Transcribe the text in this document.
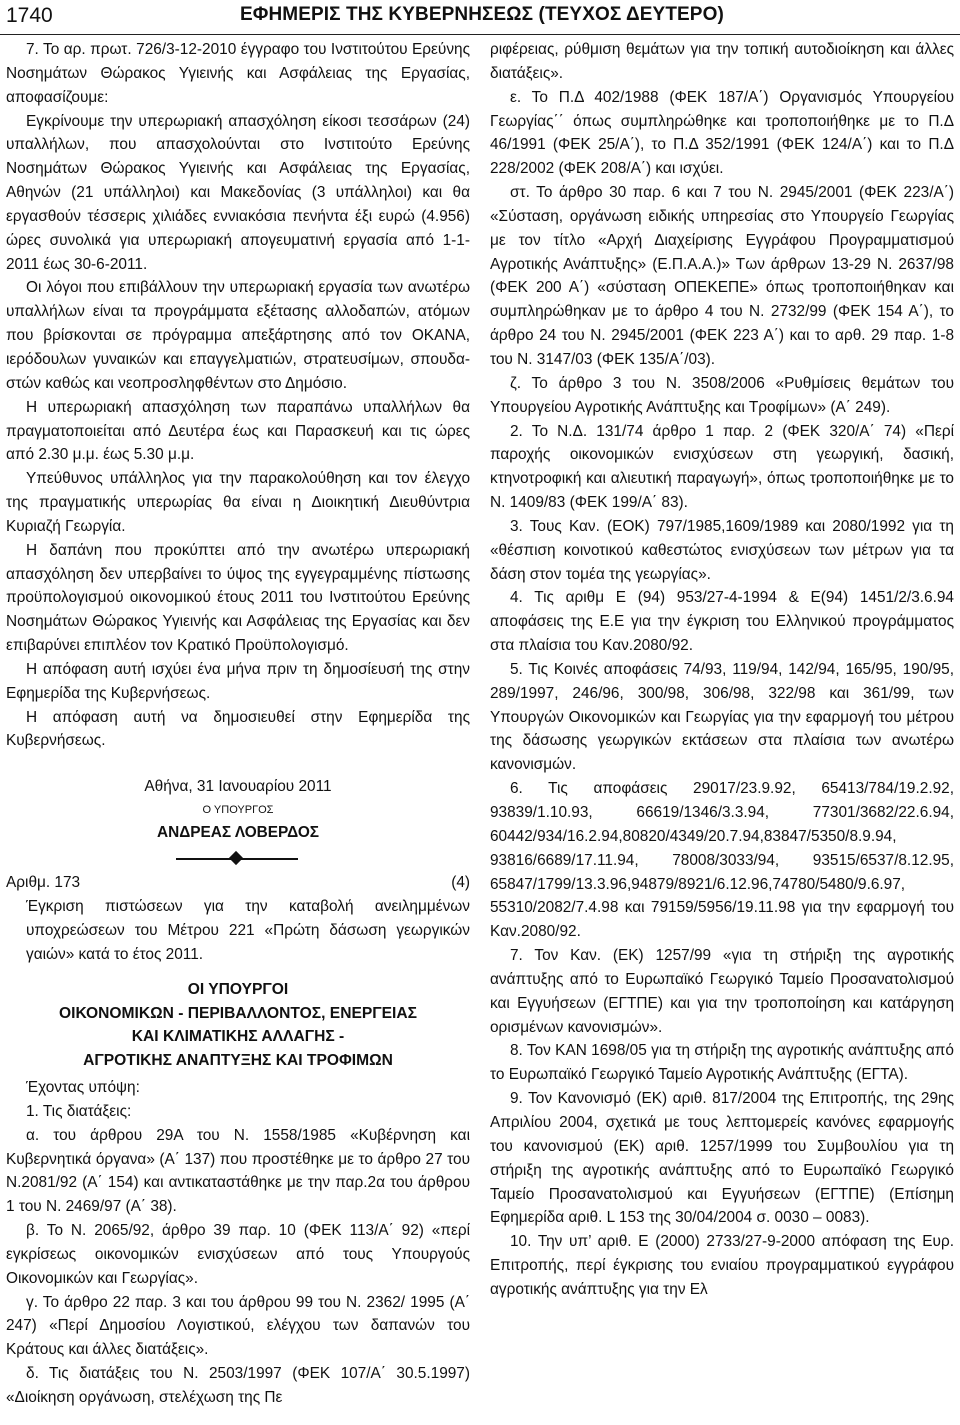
1740	ΕΦΗΜΕΡΙΣ ΤΗΣ ΚΥΒΕΡΝΗΣΕΩΣ (ΤΕΥΧΟΣ ΔΕΥΤΕΡΟ)

7. Το αρ. πρωτ. 726/3-12-2010 έγγραφο του Ινστιτούτου Ερεύνης Νοσημάτων Θώρακος Υγιεινής και Ασφάλειας της Εργασίας, αποφασίζουμε:

Εγκρίνουμε την υπερωριακή απασχόληση είκοσι τεσσάρων (24) υπαλλήλων, που απασχολούνται στο Ινστιτούτο Ερεύνης Νοσημάτων Θώρακος Υγιεινής και Ασφάλειας της Εργασίας, Αθηνών (21 υπάλληλοι) και Μακεδονίας (3 υπάλληλοι) και θα εργασθούν τέσσερις χιλιάδες εννιακόσια πενήντα έξι ευρώ (4.956) ώρες συνολικά για υπερωριακή απογευματινή εργασία από 1-1-2011 έως 30-6-2011.

Οι λόγοι που επιβάλλουν την υπερωριακή εργασία των ανωτέρω υπαλλήλων είναι τα προγράμματα εξέτασης αλλοδαπών, ατόμων που βρίσκονται σε πρόγραμμα απεξάρτησης από τον ΟΚΑΝΑ, ιερόδουλων γυναικών και επαγγελματιών, στρατευσίμων, σπουδαστών καθώς και νεοπροσληφθέντων στο Δημόσιο.

Η υπερωριακή απασχόληση των παραπάνω υπαλλήλων θα πραγματοποιείται από Δευτέρα έως και Παρασκευή και τις ώρες από 2.30 μ.μ. έως 5.30 μ.μ.

Υπεύθυνος υπάλληλος για την παρακολούθηση και τον έλεγχο της πραγματικής υπερωρίας θα είναι η Διοικητική Διευθύντρια Κυριαζή Γεωργία.

Η δαπάνη που προκύπτει από την ανωτέρω υπερωριακή απασχόληση δεν υπερβαίνει το ύψος της εγγεγραμμένης πίστωσης προϋπολογισμού οικονομικού έτους 2011 του Ινστιτούτου Ερεύνης Νοσημάτων Θώρακος Υγιεινής και Ασφάλειας της Εργασίας και δεν επιβαρύνει επιπλέον τον Κρατικό Προϋπολογισμό.

Η απόφαση αυτή ισχύει ένα μήνα πριν τη δημοσίευσή της στην Εφημερίδα της Κυβερνήσεως.

Η απόφαση αυτή να δημοσιευθεί στην Εφημερίδα της Κυβερνήσεως.

Αθήνα, 31 Ιανουαρίου 2011
Ο ΥΠΟΥΡΓΟΣ
ΑΝΔΡΕΑΣ ΛΟΒΕΡΔΟΣ
Αριθμ. 173	(4)

Έγκριση πιστώσεων για την καταβολή ανειλημμένων υποχρεώσεων του Μέτρου 221 «Πρώτη δάσωση γεωργικών γαιών» κατά το έτος 2011.

ΟΙ ΥΠΟΥΡΓΟΙ
ΟΙΚΟΝΟΜΙΚΩΝ - ΠΕΡΙΒΑΛΛΟΝΤΟΣ, ΕΝΕΡΓΕΙΑΣ
ΚΑΙ ΚΛΙΜΑΤΙΚΗΣ ΑΛΛΑΓΗΣ -
ΑΓΡΟΤΙΚΗΣ ΑΝΑΠΤΥΞΗΣ ΚΑΙ ΤΡΟΦΙΜΩΝ

Έχοντας υπόψη:

1. Τις διατάξεις:

α. του άρθρου 29Α του Ν. 1558/1985 «Κυβέρνηση και Κυβερνητικά όργανα» (Α΄ 137) που προστέθηκε με το άρθρο 27 του Ν.2081/92 (Α΄ 154) και αντικαταστάθηκε με την παρ.2α του άρθρου 1 του Ν. 2469/97 (Α΄ 38).

β. Το Ν. 2065/92, άρθρο 39 παρ. 10 (ΦΕΚ 113/Α΄ 92) «περί εγκρίσεως οικονομικών ενισχύσεων από τους Υπουργούς Οικονομικών και Γεωργίας».

γ. Το άρθρο 22 παρ. 3 και του άρθρου 99 του Ν. 2362/ 1995 (Α΄ 247) «Περί Δημοσίου Λογιστικού, ελέγχου των δαπανών του Κράτους και άλλες διατάξεις».

δ. Τις διατάξεις του Ν. 2503/1997 (ΦΕΚ 107/Α΄ 30.5.1997) «Διοίκηση οργάνωση, στελέχωση της Πε

ριφέρειας, ρύθμιση θεμάτων για την τοπική αυτοδιοίκηση και άλλες διατάξεις».

ε. Το Π.Δ 402/1988 (ΦΕΚ 187/Α΄) Οργανισμός Υπουργείου Γεωργίας΄΄ όπως συμπληρώθηκε και τροποποιήθηκε με το Π.Δ 46/1991 (ΦΕΚ 25/Α΄), το Π.Δ 352/1991 (ΦΕΚ 124/Α΄) και το Π.Δ 228/2002 (ΦΕΚ 208/Α΄) και ισχύει.

στ. Το άρθρο 30 παρ. 6 και 7 του Ν. 2945/2001 (ΦΕΚ 223/Α΄) «Σύσταση, οργάνωση ειδικής υπηρεσίας στο Υπουργείο Γεωργίας με τον τίτλο «Αρχή Διαχείρισης Εγγράφου Προγραμματισμού Αγροτικής Ανάπτυξης» (Ε.Π.Α.Α.)» Των άρθρων 13-29 Ν. 2637/98 (ΦΕΚ 200 Α΄) «σύσταση ΟΠΕΚΕΠΕ» όπως τροποποιήθηκαν και συμπληρώθηκαν με το άρθρο 4 του Ν. 2732/99 (ΦΕΚ 154 Α΄), το άρθρο 24 του Ν. 2945/2001 (ΦΕΚ 223 Α΄) και το αρθ. 29 παρ. 1-8 του Ν. 3147/03 (ΦΕΚ 135/Α΄/03).

ζ. Το άρθρο 3 του Ν. 3508/2006 «Ρυθμίσεις θεμάτων του Υπουργείου Αγροτικής Ανάπτυξης και Τροφίμων» (Α΄ 249).

2. Το Ν.Δ. 131/74 άρθρο 1 παρ. 2 (ΦΕΚ 320/Α΄ 74) «Περί παροχής οικονομικών ενισχύσεων στη γεωργική, δασική, κτηνοτροφική και αλιευτική παραγωγή», όπως τροποποιήθηκε με το Ν. 1409/83 (ΦΕΚ 199/Α΄ 83).

3. Τους Καν. (ΕΟΚ) 797/1985,1609/1989 και 2080/1992 για τη «θέσπιση κοινοτικού καθεστώτος ενισχύσεων των μέτρων για τα δάση στον τομέα της γεωργίας».

4. Τις αριθμ Ε (94) 953/27-4-1994 & Ε(94) 1451/2/3.6.94 αποφάσεις της Ε.Ε για την έγκριση του Ελληνικού προγράμματος στα πλαίσια του Καν.2080/92.

5. Τις Κοινές αποφάσεις 74/93, 119/94, 142/94, 165/95, 190/95, 289/1997, 246/96, 300/98, 306/98, 322/98 και 361/99, των Υπουργών Οικονομικών και Γεωργίας για την εφαρμογή του μέτρου της δάσωσης γεωργικών εκτάσεων στα πλαίσια των ανωτέρω κανονισμών.

6. Τις αποφάσεις 29017/23.9.92, 65413/784/19.2.92, 93839/1.10.93, 66619/1346/3.3.94, 77301/3682/22.6.94, 60442/934/16.2.94,80820/4349/20.7.94,83847/5350/8.9.94, 93816/6689/17.11.94, 78008/3033/94, 93515/6537/8.12.95, 65847/1799/13.3.96,94879/8921/6.12.96,74780/5480/9.6.97, 55310/2082/7.4.98 και 79159/5956/19.11.98 για την εφαρμογή του Καν.2080/92.

7. Τον Καν. (ΕΚ) 1257/99 «για τη στήριξη της αγροτικής ανάπτυξης από το Ευρωπαϊκό Γεωργικό Ταμείο Προσανατολισμού και Εγγυήσεων (ΕΓΤΠΕ) και για την τροποποίηση και κατάργηση ορισμένων κανονισμών».

8. Τον ΚΑΝ 1698/05 για τη στήριξη της αγροτικής ανάπτυξης από το Ευρωπαϊκό Γεωργικό Ταμείο Αγροτικής Ανάπτυξης (ΕΓΤΑ).

9. Τον Κανονισμό (ΕΚ) αριθ. 817/2004 της Επιτροπής, της 29ης Απριλίου 2004, σχετικά με τους λεπτομερείς κανόνες εφαρμογής του κανονισμού (ΕΚ) αριθ. 1257/1999 του Συμβουλίου για τη στήριξη της αγροτικής ανάπτυξης από το Ευρωπαϊκό Γεωργικό Ταμείο Προσανατολισμού και Εγγυήσεων (ΕΓΤΠΕ) (Επίσημη Εφημερίδα αριθ. L 153 της 30/04/2004 σ. 0030 – 0083).

10. Την υπ’ αριθ. Ε (2000) 2733/27-9-2000 απόφαση της Ευρ. Επιτροπής, περί έγκρισης του ενιαίου προγραμματικού εγγράφου αγροτικής ανάπτυξης για την Ελ
